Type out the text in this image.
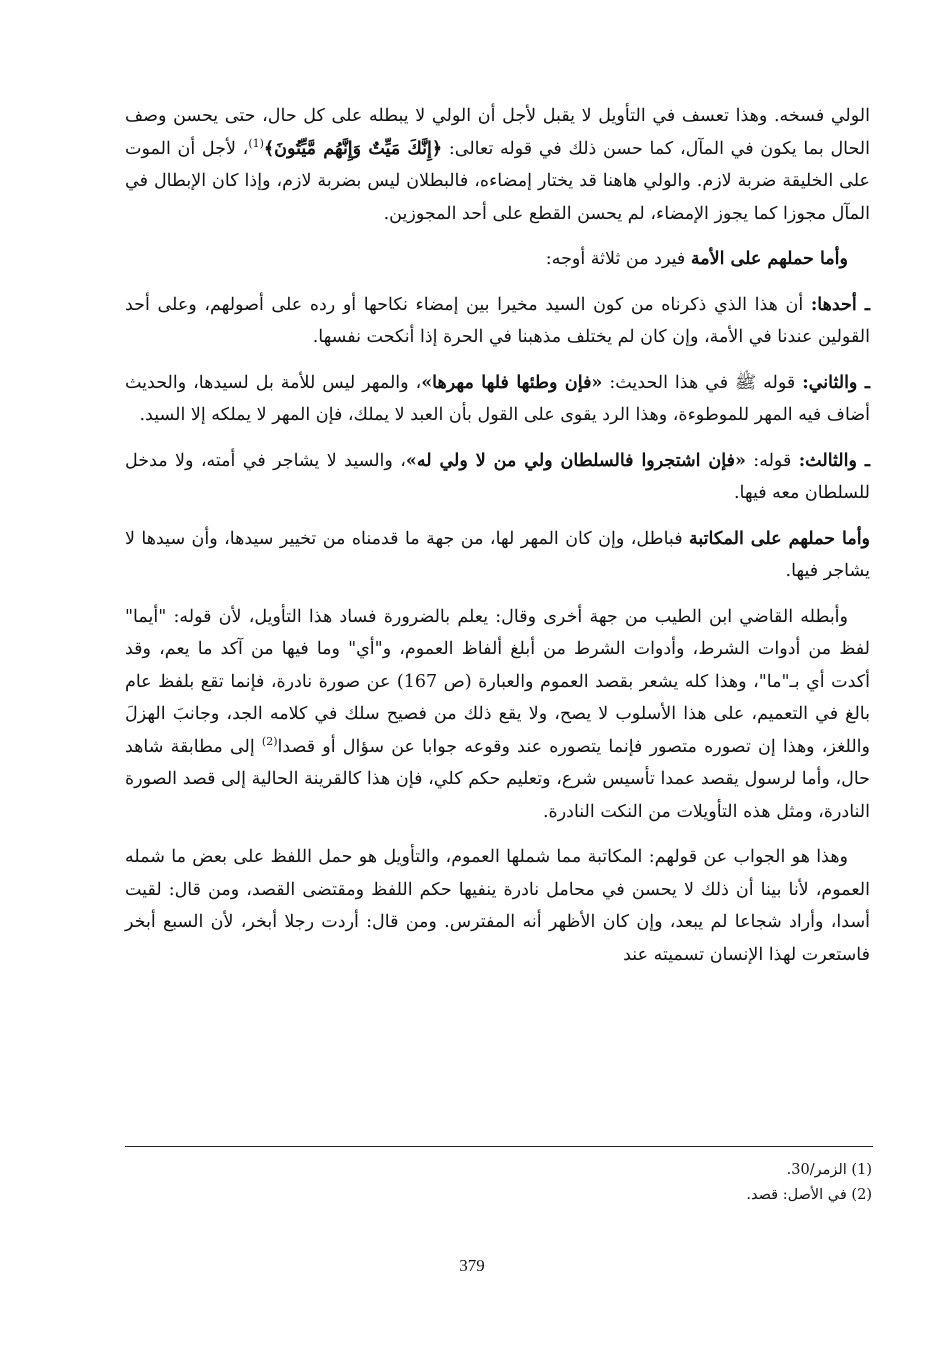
الولي فسخه. وهذا تعسف في التأويل لا يقبل لأجل أن الولي لا يبطله على كل حال، حتى يحسن وصف الحال بما يكون في المآل، كما حسن ذلك في قوله تعالى: ﴿إِنَّكَ مَيِّتٌ وَإِنَّهُم مَّيِّتُونَ﴾$^{(1)}$، لأجل أن الموت على الخليقة ضربة لازم. والولي هاهنا قد يختار إمضاءه، فالبطلان ليس بضربة لازم، وإذا كان الإبطال في المآل مجوزا كما يجوز الإمضاء، لم يحسن القطع على أحد المجوزين.

وأما حملهم على الأمة فيرد من ثلاثة أوجه:

ـ أحدها: أن هذا الذي ذكرناه من كون السيد مخيرا بين إمضاء نكاحها أو رده على أصولهم، وعلى أحد القولين عندنا في الأمة، وإن كان لم يختلف مذهبنا في الحرة إذا أنكحت نفسها.

ـ والثاني: قوله ﷺ في هذا الحديث: «فإن وطئها فلها مهرها»، والمهر ليس للأمة بل لسيدها، والحديث أضاف فيه المهر للموطوءة، وهذا الرد يقوى على القول بأن العبد لا يملك، فإن المهر لا يملكه إلا السيد.

ـ والثالث: قوله: «فإن اشتجروا فالسلطان ولي من لا ولي له»، والسيد لا يشاجر في أمته، ولا مدخل للسلطان معه فيها.

وأما حملهم على المكاتبة فباطل، وإن كان المهر لها، من جهة ما قدمناه من تخيير سيدها، وأن سيدها لا يشاجر فيها.

وأبطله القاضي ابن الطيب من جهة أخرى وقال: يعلم بالضرورة فساد هذا التأويل، لأن قوله: "أيما" لفظ من أدوات الشرط، وأدوات الشرط من أبلغ ألفاظ العموم، و"أي" وما فيها من آكد ما يعم، وقد أكدت أي بـ"ما"، وهذا كله يشعر بقصد العموم والعبارة (ص 167) عن صورة نادرة، فإنما تقع بلفظ عام بالغ في التعميم، على هذا الأسلوب لا يصح، ولا يقع ذلك من فصيح سلك في كلامه الجد، وجانبَ الهزلَ واللغز، وهذا إن تصوره متصور فإنما يتصوره عند وقوعه جوابا عن سؤال أو قصدا$^{(2)}$ إلى مطابقة شاهد حال، وأما لرسول يقصد عمدا تأسيس شرع، وتعليم حكم كلي، فإن هذا كالقرينة الحالية إلى قصد الصورة النادرة، ومثل هذه التأويلات من النكت النادرة.

وهذا هو الجواب عن قولهم: المكاتبة مما شملها العموم، والتأويل هو حمل اللفظ على بعض ما شمله العموم، لأنا بينا أن ذلك لا يحسن في محامل نادرة ينفيها حكم اللفظ ومقتضى القصد، ومن قال: لقيت أسدا، وأراد شجاعا لم يبعد، وإن كان الأظهر أنه المفترس. ومن قال: أردت رجلا أبخر، لأن السبع أبخر فاستعرت لهذا الإنسان تسميته عند

(1) الزمر/30.

(2) في الأصل: قصد.

379
